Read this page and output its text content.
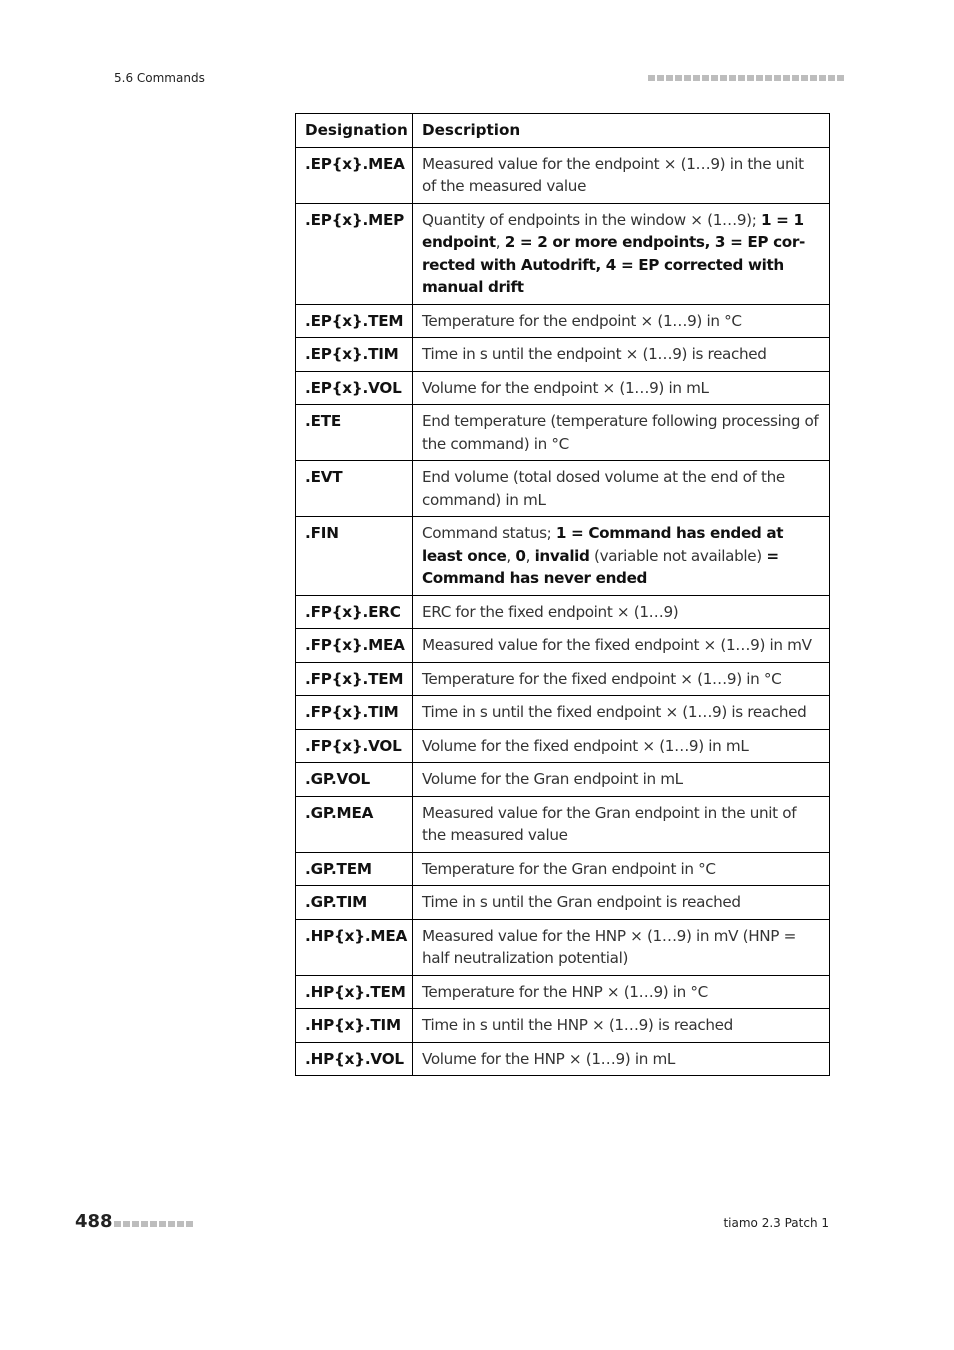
5.6 Commands
Designation	Description
.EP{x}.MEA	Measured value for the endpoint × (1…9) in the unit of the measured value
.EP{x}.MEP	Quantity of endpoints in the window × (1…9); 1 = 1 endpoint, 2 = 2 or more endpoints, 3 = EP corrected with Autodrift, 4 = EP corrected with manual drift
.EP{x}.TEM	Temperature for the endpoint × (1…9) in °C
.EP{x}.TIM	Time in s until the endpoint × (1…9) is reached
.EP{x}.VOL	Volume for the endpoint × (1…9) in mL
.ETE	End temperature (temperature following processing of the command) in °C
.EVT	End volume (total dosed volume at the end of the command) in mL
.FIN	Command status; 1 = Command has ended at least once, 0, invalid (variable not available) = Command has never ended
.FP{x}.ERC	ERC for the fixed endpoint × (1…9)
.FP{x}.MEA	Measured value for the fixed endpoint × (1…9) in mV
.FP{x}.TEM	Temperature for the fixed endpoint × (1…9) in °C
.FP{x}.TIM	Time in s until the fixed endpoint × (1…9) is reached
.FP{x}.VOL	Volume for the fixed endpoint × (1…9) in mL
.GP.VOL	Volume for the Gran endpoint in mL
.GP.MEA	Measured value for the Gran endpoint in the unit of the measured value
.GP.TEM	Temperature for the Gran endpoint in °C
.GP.TIM	Time in s until the Gran endpoint is reached
.HP{x}.MEA	Measured value for the HNP × (1…9) in mV (HNP = half neutralization potential)
.HP{x}.TEM	Temperature for the HNP × (1…9) in °C
.HP{x}.TIM	Time in s until the HNP × (1…9) is reached
.HP{x}.VOL	Volume for the HNP × (1…9) in mL
488	tiamo 2.3 Patch 1
